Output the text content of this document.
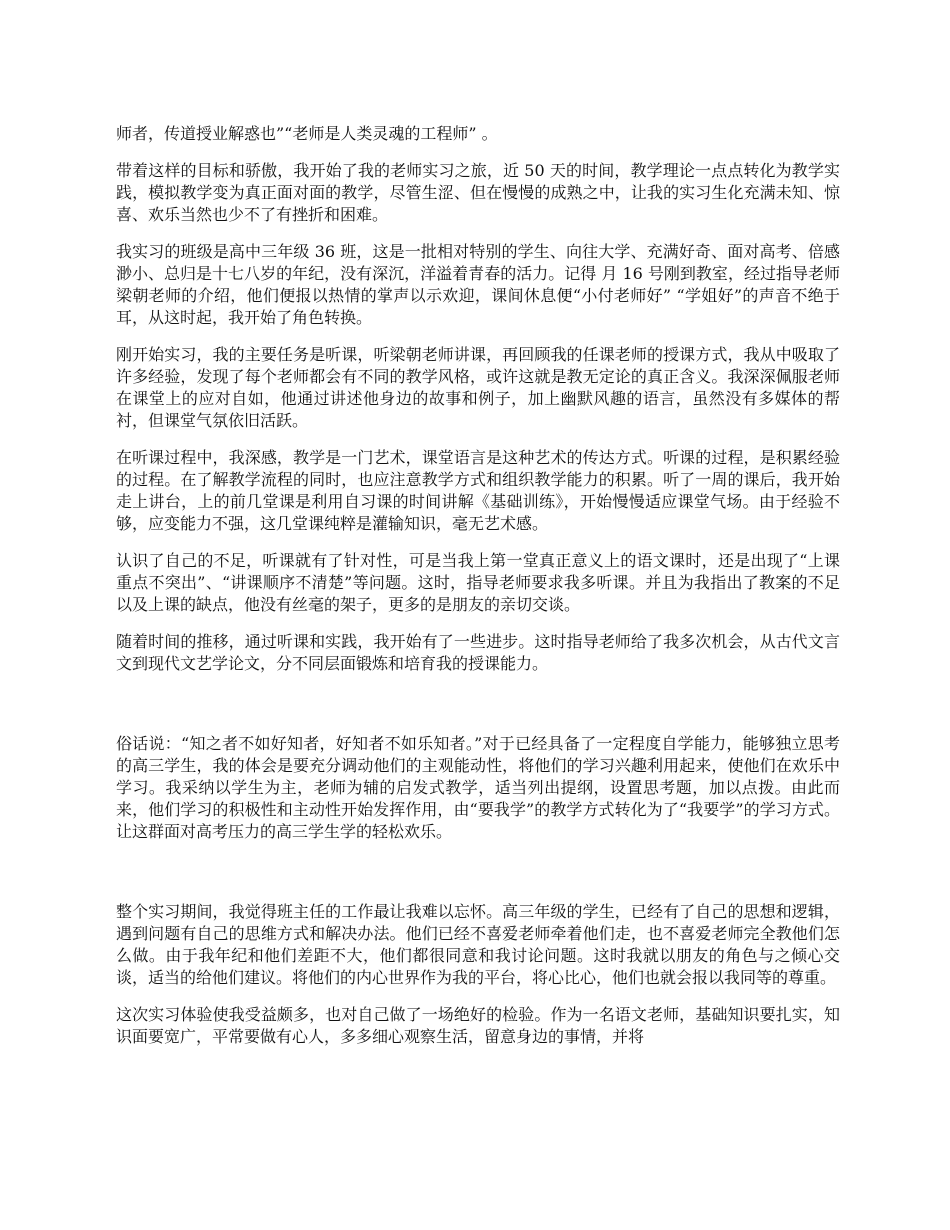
师者，传道授业解惑也”“老师是人类灵魂的工程师” 。

带着这样的目标和骄傲，我开始了我的老师实习之旅，近 50 天的时间，教学理论一点点转化为教学实践，模拟教学变为真正面对面的教学，尽管生涩、但在慢慢的成熟之中，让我的实习生化充满未知、惊喜、欢乐当然也少不了有挫折和困难。

我实习的班级是高中三年级 36 班，这是一批相对特别的学生、向往大学、充满好奇、面对高考、倍感渺小、总归是十七八岁的年纪，没有深沉，洋溢着青春的活力。记得 月 16 号刚到教室，经过指导老师梁朝老师的介绍，他们便报以热情的掌声以示欢迎，课间休息便“小付老师好” “学姐好”的声音不绝于耳，从这时起，我开始了角色转换。

刚开始实习，我的主要任务是听课，听梁朝老师讲课，再回顾我的任课老师的授课方式，我从中吸取了许多经验，发现了每个老师都会有不同的教学风格，或许这就是教无定论的真正含义。我深深佩服老师在课堂上的应对自如，他通过讲述他身边的故事和例子，加上幽默风趣的语言，虽然没有多媒体的帮衬，但课堂气氛依旧活跃。

在听课过程中，我深感，教学是一门艺术，课堂语言是这种艺术的传达方式。听课的过程，是积累经验的过程。在了解教学流程的同时，也应注意教学方式和组织教学能力的积累。听了一周的课后，我开始走上讲台，上的前几堂课是利用自习课的时间讲解《基础训练》，开始慢慢适应课堂气场。由于经验不够，应变能力不强，这几堂课纯粹是灌输知识，毫无艺术感。

认识了自己的不足，听课就有了针对性，可是当我上第一堂真正意义上的语文课时，还是出现了“上课重点不突出”、“讲课顺序不清楚”等问题。这时，指导老师要求我多听课。并且为我指出了教案的不足以及上课的缺点，他没有丝毫的架子，更多的是朋友的亲切交谈。

随着时间的推移，通过听课和实践，我开始有了一些进步。这时指导老师给了我多次机会，从古代文言文到现代文艺学论文，分不同层面锻炼和培育我的授课能力。

俗话说：“知之者不如好知者，好知者不如乐知者。”对于已经具备了一定程度自学能力，能够独立思考的高三学生，我的体会是要充分调动他们的主观能动性，将他们的学习兴趣利用起来，使他们在欢乐中学习。我采纳以学生为主，老师为辅的启发式教学，适当列出提纲，设置思考题，加以点拨。由此而来，他们学习的积极性和主动性开始发挥作用，由“要我学”的教学方式转化为了“我要学”的学习方式。让这群面对高考压力的高三学生学的轻松欢乐。

整个实习期间，我觉得班主任的工作最让我难以忘怀。高三年级的学生，已经有了自己的思想和逻辑，遇到问题有自己的思维方式和解决办法。他们已经不喜爱老师牵着他们走，也不喜爱老师完全教他们怎么做。由于我年纪和他们差距不大，他们都很同意和我讨论问题。这时我就以朋友的角色与之倾心交谈，适当的给他们建议。将他们的内心世界作为我的平台，将心比心，他们也就会报以我同等的尊重。

这次实习体验使我受益颇多，也对自己做了一场绝好的检验。作为一名语文老师，基础知识要扎实，知识面要宽广，平常要做有心人，多多细心观察生活，留意身边的事情，并将
